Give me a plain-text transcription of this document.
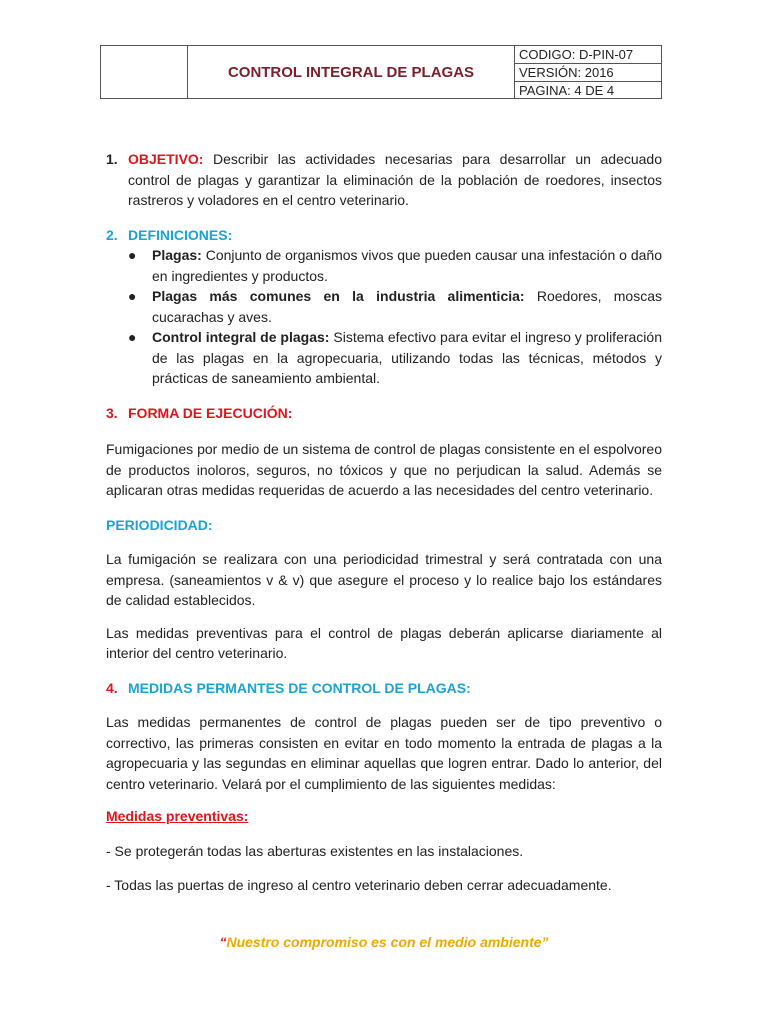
CONTROL INTEGRAL DE PLAGAS
CODIGO: D-PIN-07
VERSIÓN: 2016
PAGINA: 4 DE 4
1. OBJETIVO: Describir las actividades necesarias para desarrollar un adecuado control de plagas y garantizar la eliminación de la población de roedores, insectos rastreros y voladores en el centro veterinario.

2. DEFINICIONES:
●	Plagas: Conjunto de organismos vivos que pueden causar una infestación o daño en ingredientes y productos.
●	Plagas más comunes en la industria alimenticia: Roedores, moscas cucarachas y aves.
●	Control integral de plagas: Sistema efectivo para evitar el ingreso y proliferación de las plagas en la agropecuaria, utilizando todas las técnicas, métodos y prácticas de saneamiento ambiental.
3. FORMA DE EJECUCIÓN:

Fumigaciones por medio de un sistema de control de plagas consistente en el espolvoreo de productos inoloros, seguros, no tóxicos y que no perjudican la salud. Además se aplicaran otras medidas requeridas de acuerdo a las necesidades del centro veterinario.

PERIODICIDAD:

La fumigación se realizara con una periodicidad trimestral y será contratada con una empresa. (saneamientos v & v) que asegure el proceso y lo realice bajo los estándares de calidad establecidos.

Las medidas preventivas para el control de plagas deberán aplicarse diariamente al interior del centro veterinario.

4. MEDIDAS PERMANTES DE CONTROL DE PLAGAS:

Las medidas permanentes de control de plagas pueden ser de tipo preventivo o correctivo, las primeras consisten en evitar en todo momento la entrada de plagas a la agropecuaria y las segundas en eliminar aquellas que logren entrar. Dado lo anterior, del centro veterinario. Velará por el cumplimiento de las siguientes medidas:

Medidas preventivas:

- Se protegerán todas las aberturas existentes en las instalaciones.

- Todas las puertas de ingreso al centro veterinario deben cerrar adecuadamente.

“Nuestro compromiso es con el medio ambiente”
